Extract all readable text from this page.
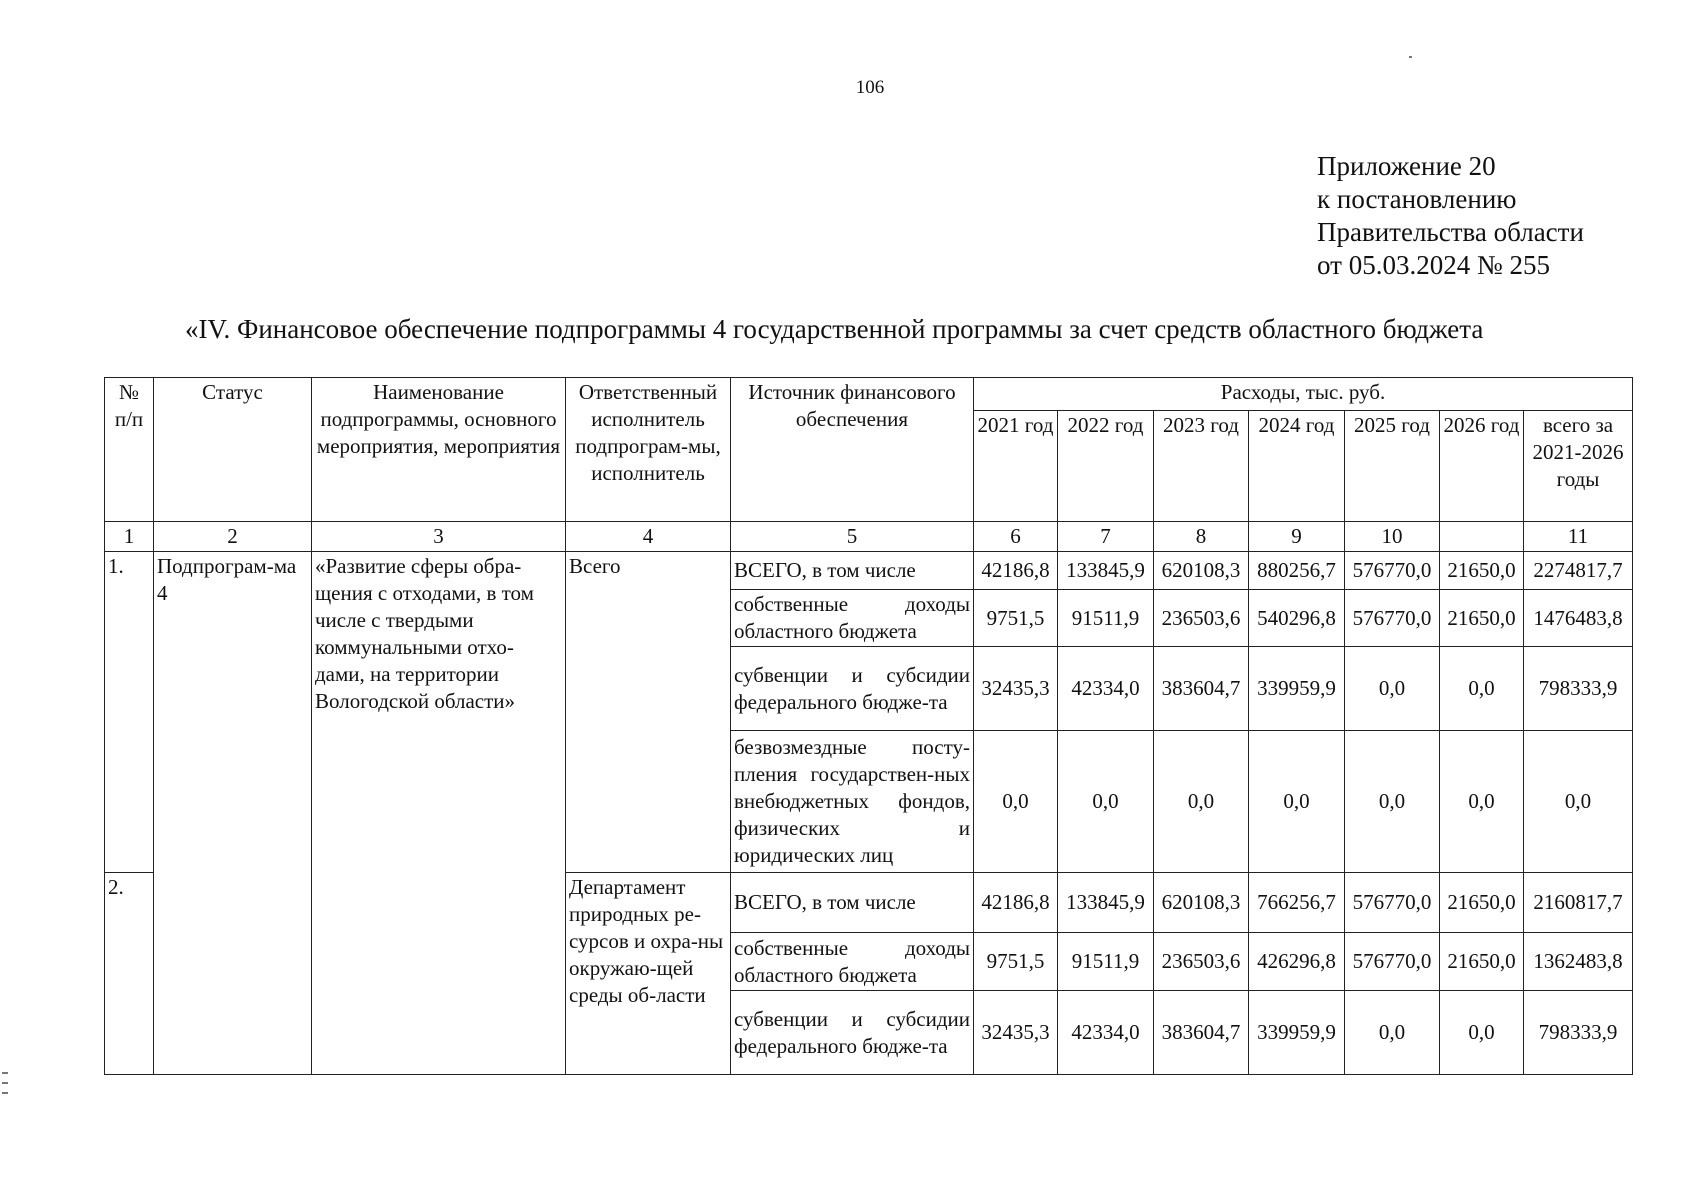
106
Приложение 20
к постановлению
Правительства области
от 05.03.2024 № 255
«IV. Финансовое обеспечение подпрограммы 4 государственной программы за счет средств областного бюджета
№ п/п	Статус	Наименование подпрограммы, основного мероприятия, мероприятия	Ответственный исполнитель подпрограм-мы, исполнитель	Источник финансового обеспечения	Расходы, тыс. руб.						
					2021 год	2022 год	2023 год	2024 год	2025 год	2026 год	всего за 2021-2026 годы
1	2	3	4	5	6	7	8	9	10		11
1.	Подпрограм-ма 4	«Развитие сферы обра-щения с отходами, в том числе с твердыми коммунальными отхо-дами, на территории Вологодской области»	Всего	ВСЕГО, в том числе	42186,8	133845,9	620108,3	880256,7	576770,0	21650,0	2274817,7
				собственные доходы областного бюджета	9751,5	91511,9	236503,6	540296,8	576770,0	21650,0	1476483,8
				субвенции и субсидии федерального бюдже-та	32435,3	42334,0	383604,7	339959,9	0,0	0,0	798333,9
				безвозмездные посту-пления государствен-ных внебюджетных фондов, физических и юридических лиц	0,0	0,0	0,0	0,0	0,0	0,0	0,0
2.			Департамент природных ре-сурсов и охра-ны окружаю-щей среды об-ласти	ВСЕГО, в том числе	42186,8	133845,9	620108,3	766256,7	576770,0	21650,0	2160817,7
				собственные доходы областного бюджета	9751,5	91511,9	236503,6	426296,8	576770,0	21650,0	1362483,8
				субвенции и субсидии федерального бюдже-та	32435,3	42334,0	383604,7	339959,9	0,0	0,0	798333,9
